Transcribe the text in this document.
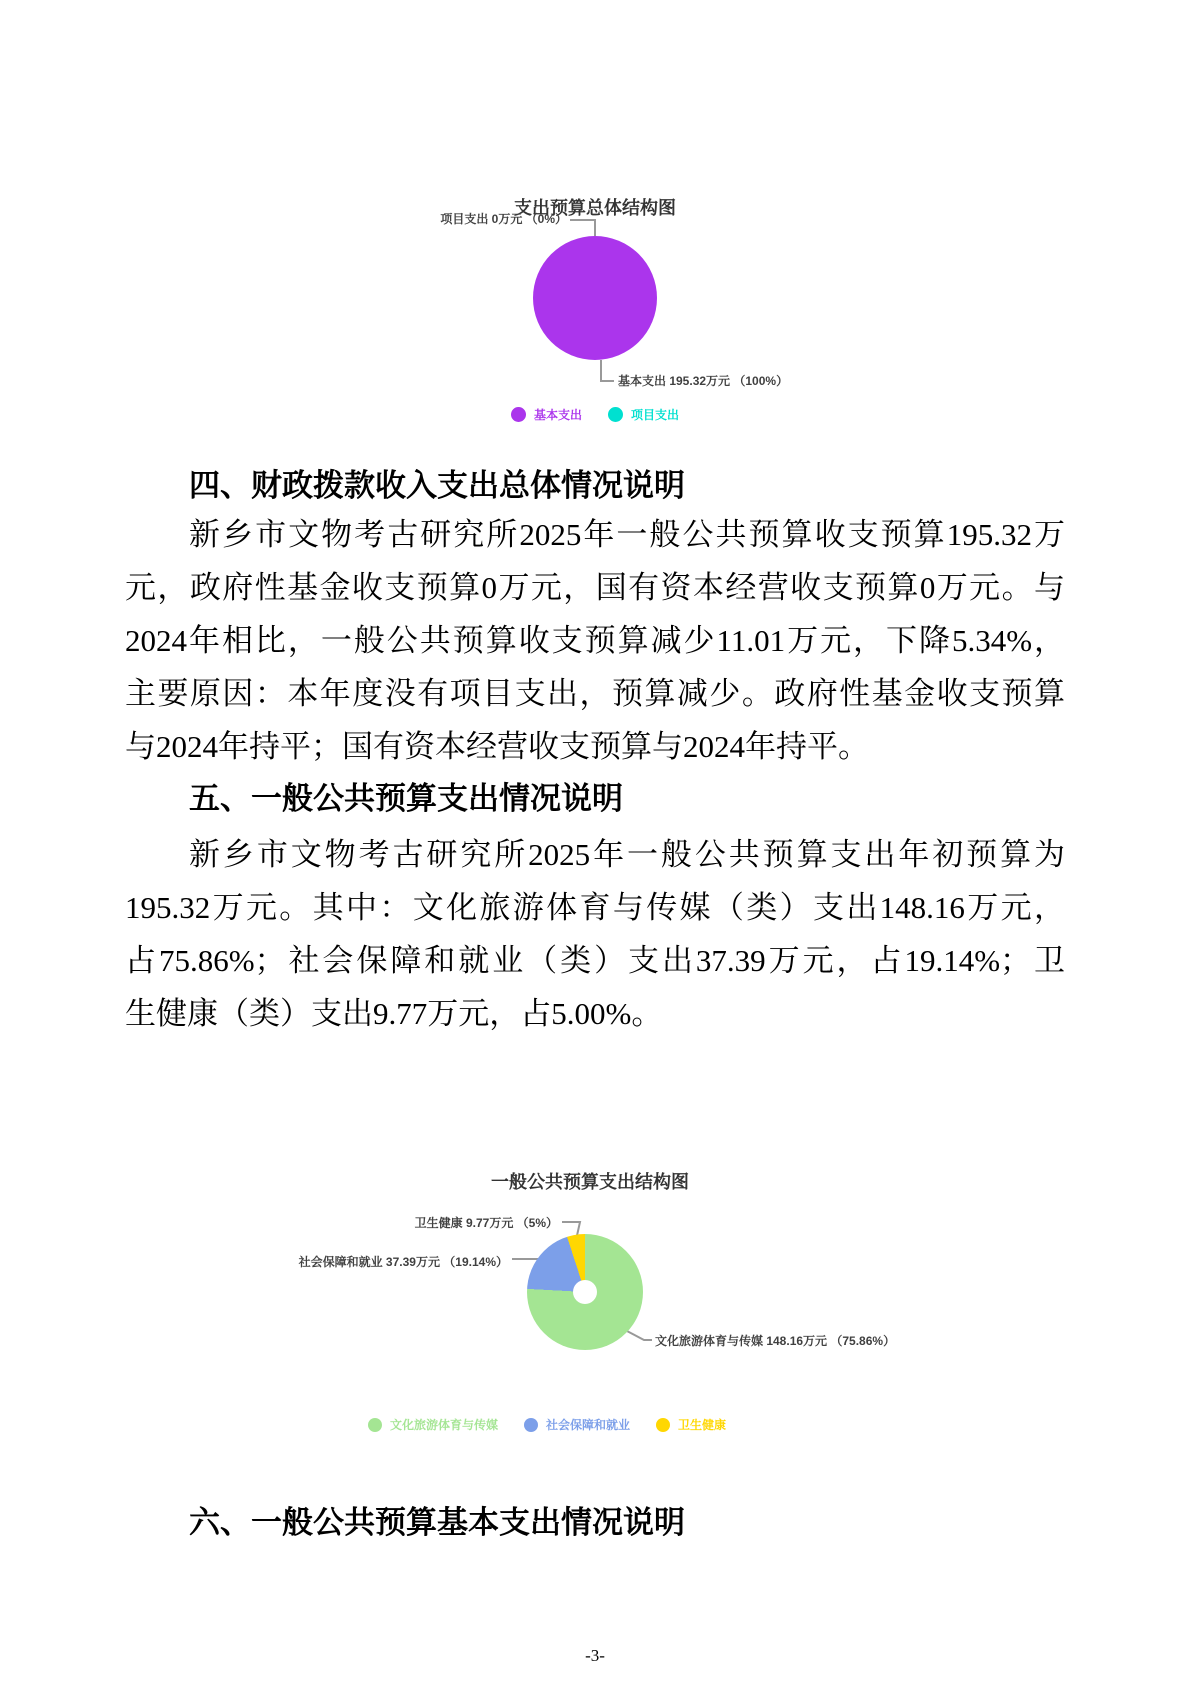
支出预算总体结构图
项目支出 0万元 （0%）
基本支出 195.32万元 （100%）
基本支出	项目支出
四、财政拨款收入支出总体情况说明
新乡市文物考古研究所2025年一般公共预算收支预算195.32万
元，政府性基金收支预算0万元，国有资本经营收支预算0万元。与
2024年相比，一般公共预算收支预算减少11.01万元，下降5.34%，
主要原因：本年度没有项目支出，预算减少。政府性基金收支预算
与2024年持平；国有资本经营收支预算与2024年持平。
五、一般公共预算支出情况说明
新乡市文物考古研究所2025年一般公共预算支出年初预算为
195.32万元。其中：文化旅游体育与传媒（类）支出148.16万元，
占75.86%；社会保障和就业（类）支出37.39万元，占19.14%；卫
生健康（类）支出9.77万元，占5.00%。
六、一般公共预算基本支出情况说明
一般公共预算支出结构图
卫生健康 9.77万元 （5%）
社会保障和就业 37.39万元 （19.14%）
文化旅游体育与传媒 148.16万元 （75.86%）
文化旅游体育与传媒	社会保障和就业	卫生健康
-3-
